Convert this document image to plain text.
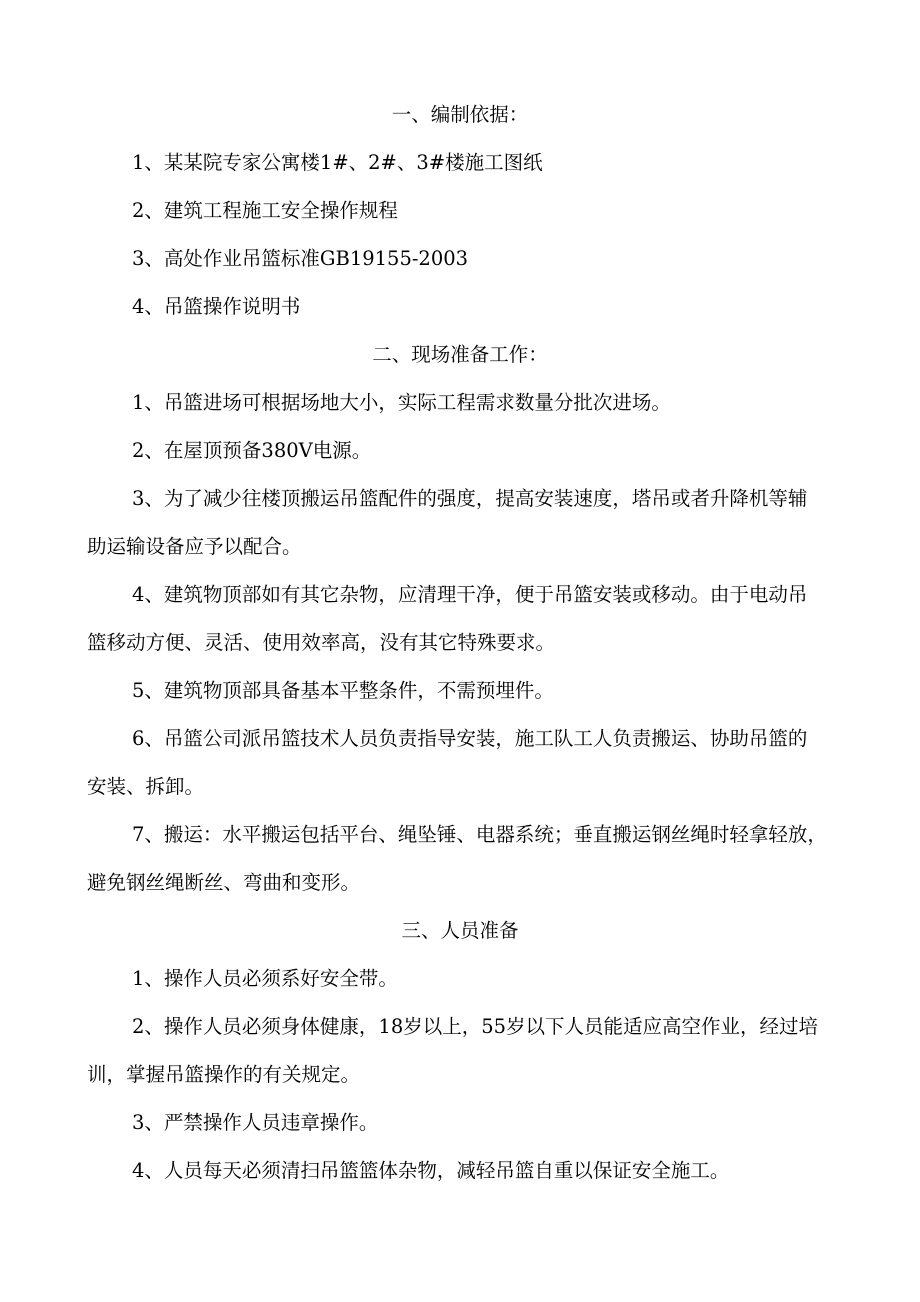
一、编制依据：
1、某某院专家公寓楼1#、2#、3#楼施工图纸
2、建筑工程施工安全操作规程
3、高处作业吊篮标准GB19155-2003
4、吊篮操作说明书
二、现场准备工作：
1、吊篮进场可根据场地大小，实际工程需求数量分批次进场。
2、在屋顶预备380V电源。
3、为了减少往楼顶搬运吊篮配件的强度，提高安装速度，塔吊或者升降机等辅
助运输设备应予以配合。
4、建筑物顶部如有其它杂物，应清理干净，便于吊篮安装或移动。由于电动吊
篮移动方便、灵活、使用效率高，没有其它特殊要求。
5、建筑物顶部具备基本平整条件，不需预埋件。
6、吊篮公司派吊篮技术人员负责指导安装，施工队工人负责搬运、协助吊篮的
安装、拆卸。
7、搬运：水平搬运包括平台、绳坠锤、电器系统；垂直搬运钢丝绳时轻拿轻放，
避免钢丝绳断丝、弯曲和变形。
三、人员准备
1、操作人员必须系好安全带。
2、操作人员必须身体健康，18岁以上，55岁以下人员能适应高空作业，经过培
训，掌握吊篮操作的有关规定。
3、严禁操作人员违章操作。
4、人员每天必须清扫吊篮篮体杂物，减轻吊篮自重以保证安全施工。
